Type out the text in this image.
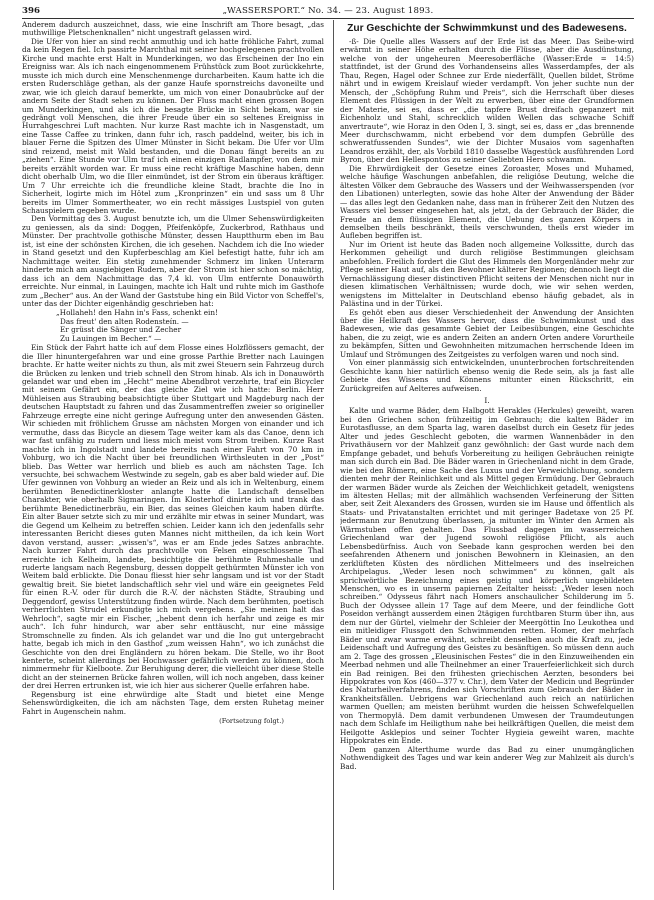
396	„WASSERSPORT.“ No. 34. — 23. August 1893.

Anderem dadurch auszeichnet, dass, wie eine Inschrift am Thore besagt, „das muthwillige Pletschenknallen“ nicht ungestraft gelassen wird.

Die Ufer von hier an sind recht anmuthig und ich hatte fröhliche Fahrt, zumal da kein Regen fiel. Ich passirte Marchthal mit seiner hochgelegenen prachtvollen Kirche und machte erst Halt in Munderkingen, wo das Erscheinen der Ino ein Ereigniss war. Als ich nach eingenommenem Frühstück zum Boot zurückkehrte, musste ich mich durch eine Menschenmenge durcharbeiten. Kaum hatte ich die ersten Ruderschläge gethan, als der ganze Haufe spornstreichs davoneilte und zwar, wie ich gleich darauf bemerkte, um mich von einer Donaubrücke auf der andern Seite der Stadt sehen zu können. Der Fluss macht einen grossen Bogen um Munderkingen, und als ich die besagte Brücke in Sicht bekam, war sie gedrängt voll Menschen, die ihrer Freude über ein so seltenes Ereigniss in Hurrahgeschrei Luft machten. Nur kurze Rast machte ich in Nasgenstadt, um eine Tasse Caffee zu trinken, dann fuhr ich, rasch paddelnd, weiter, bis ich in blauer Ferne die Spitzen des Ulmer Münster in Sicht bekam. Die Ufer vor Ulm sind reizend, meist mit Wald bestanden, und die Donau fängt bereits an zu „ziehen“. Eine Stunde vor Ulm traf ich einen einzigen Radlampfer, von dem mir bereits erzählt worden war. Er muss eine recht kräftige Maschine haben, denn dicht oberhalb Ulm, wo die Iller einmündet, ist der Strom ein überaus kräftiger. Um 7 Uhr erreichte ich die freundliche kleine Stadt, brachte die Ino in Sicherheit, logirte mich im Hôtel zum „Kronprinzen“ ein und sass um 8 Uhr bereits im Ulmer Sommertheater, wo ein recht mässiges Lustspiel von guten Schauspielern gegeben wurde.

Den Vormittag des 3. August benutzte ich, um die Ulmer Sehenswürdigkeiten zu geniessen, als da sind: Doggen, Pfeifenköpfe, Zuckerbrod, Rathhaus und Münster. Der prachtvolle gothische Münster, dessen Hauptthurm eben im Bau ist, ist eine der schönsten Kirchen, die ich gesehen. Nachdem ich die Ino wieder in Stand gesetzt und den Kupferbeschlag am Kiel befestigt hatte, fuhr ich am Nachmittage weiter. Ein stetig zunehmender Schmerz im linken Unterarm hinderte mich am ausgiebigen Rudern, aber der Strom ist hier schon so mächtig, dass ich an dem Nachmittage das 7,4 kl. von Ulm entfernte Donauwörth erreichte. Nur einmal, in Lauingen, machte ich Halt und ruhte mich im Gasthofe zum „Becher“ aus. An der Wand der Gaststube hing ein Bild Victor von Scheffel's, unter das der Dichter eigenhändig geschrieben hat:

„Hollaheh! den Hahn in's Fass, schenkt ein!
Das freut' den alten Rodensteín. —
Er grüsst die Sänger und Zecher
Zu Lauingen im Becher.“ —

Ein Stück der Fahrt hatte ich auf dem Flosse eines Holzflössers gemacht, der die Iller hinuntergefahren war und eine grosse Parthie Bretter nach Lauingen brachte. Er hatte weiter nichts zu thun, als mit zwei Steuern sein Fahrzeug durch die Brücken zu lenken und trieb schnell den Strom hinab. Als ich in Donauwörth gelandet war und eben im „Hecht“ meine Abendbrot verzehrte, traf ein Bicycler mit seinem Gefährt ein, der das gleiche Ziel wie ich hatte: Berlin. Herr Mühleisen aus Straubing beabsichtigte über Stuttgart und Magdeburg nach der deutschen Hauptstadt zu fahren und das Zusammentreffen zweier so origineller Fahrzeuge erregte eine nicht geringe Aufregung unter den anwesenden Gästen. Wir schieden mit fröhlichem Grusse am nächsten Morgen von einander und ich vermuthe, dass das Bicycle an diesem Tage weiter kam als das Canoe, denn ich war fast unfähig zu rudern und liess mich meist vom Strom treiben. Kurze Rast machte ich in Ingolstadt und landete bereits nach einer Fahrt von 70 km in Vohburg, wo ich die Nacht über bei freundlichen Wirthsleuten in der „Post“ blieb. Das Wetter war herrlich und blieb es auch am nächsten Tage. Ich versuchte, bei schwachem Westwinde zu segeln, gab es aber bald wieder auf. Die Ufer gewinnen von Vohburg an wieder an Reiz und als ich in Weltenburg, einem berühmten Benedictinerkloster anlangte hatte die Landschaft denselben Charakter, wie oberhalb Sigmaringen. Im Klosterhof dinirte ich und trank das berühmte Benedictinerbräu, ein Bier, das seines Gleichen kaum haben dürfte. Ein alter Bauer setzte sich zu mir und erzählte mir etwas in seiner Mundart, was die Gegend um Kelheim zu betreffen schien. Leider kann ich den jedenfalls sehr interessanten Bericht dieses guten Mannes nicht mittheilen, da ich kein Wort davon verstand, ausser: „wissen's“, was er am Ende jedes Satzes anbrachte. Nach kurzer Fahrt durch das prachtvolle von Felsen eingeschlossene Thal erreichte ich Kelheim, landete, besichtigte die berühmte Ruhmeshalle und ruderte langsam nach Regensburg, dessen doppelt gethürmten Münster ich von Weitem bald erblickte. Die Donau fliesst hier sehr langsam und ist vor der Stadt gewaltig breit. Sie bietet landschaftlich sehr viel und wäre ein geeignetes Feld für einen R.-V. oder für durch die R.-V. der nächsten Städte, Straubing und Deggendorf, gewiss Unterstützung finden würde. Nach dem berühmten, poetisch verherrlichten Strudel erkundigte ich mich vergebens. „Sie meinen halt das Wehrloch“, sagte mir ein Fischer, „hebent denn ich herfahr und zeige es mir auch“. Ich fuhr hindurch, war aber sehr enttäuscht, nur eine mässige Stromschnelle zu finden. Als ich gelandet war und die Ino gut untergebracht hatte, begab ich mich in den Gasthof „zum weissen Hahn“, wo ich zunächst die Geschichte von den drei Engländern zu hören bekam. Die Stelle, wo ihr Boot kenterte, scheint allerdings bei Hochwasser gefährlich werden zu können, doch nimmermehr für Kielboote. Zur Beruhigung derer, die vielleicht über diese Stelle dicht an der steinernen Brücke fahren wollen, will ich noch angeben, dass keiner der drei Herren ertrunken ist, wie ich hier aus sicherer Quelle erfahren habe.

Regensburg ist eine ehrwürdige alte Stadt und bietet eine Menge Sehenswürdigkeiten, die ich am nächsten Tage, dem ersten Ruhetag meiner Fahrt in Augenschein nahm.

(Fortsetzung folgt.)
Zur Geschichte der Schwimmkunst und des Badewesens.

-ß- Die Quelle alles Wassers auf der Erde ist das Meer. Das Seibe-wird erwärmt in seiner Höhe erhalten durch die Flüsse, aber die Ausdünstung, welche von der ungeheuren Meeresoberfläche (Wasser:Erde = 14:5) stattfindet, ist der Grund des Vorhandenseins alles Wasserdampfes, der als Thau, Regen, Hagel oder Schnee zur Erde niederfällt, Quellen bildet, Ströme nährt und in ewigem Kreislauf wieder verdampft. Von jeher suchte nun der Mensch, der „Schöpfung Ruhm und Preis“, sich die Herrschaft über dieses Element des Flüssigen in der Welt zu erwerben, über eine der Grundformen der Materie, sei es, dass er „die tapfere Brust dreifach gepanzert mit Eichenholz und Stahl, schrecklich wilden Wellen das schwache Schiff anvertraute“, wie Horaz in den Oden I, 3. singt, sei es, dass er „das brennende Meer durchschwamm, nicht erbebend vor dem dumpfen Gebrülle des schweratfussenden Sundes“, wie der Dichter Musaios vom sagenhaften Leandros erzählt, der, als Vorbild 1810 dasselbe Wagestück ausführenden Lord Byron, über den Hellespontos zu seiner Geliebten Hero schwamm.

Die Ehrwürdigkeit der Gesetze eines Zoroaster, Moses und Muhamed, welche häufige Waschungen anbefahlen, die religiöse Deutung, welche die ältesten Völker dem Gebrauche des Wassers und der Weihwasserspenden (vor den Libationen) unterlegten, sowie das hohe Alter der Anwendung der Bäder — das alles legt den Gedanken nahe, dass man in früherer Zeit den Nutzen des Wassers viel besser eingesehen hat, als jetzt, da der Gebrauch der Bäder, die Freude an dem flüssigen Element, die Uebung des ganzen Körpers in demselben theils beschränkt, theils verschwunden, theils erst wieder im Aufleben begriffen ist.

Nur im Orient ist heute das Baden noch allgemeine Volkssitte, durch das Herkommen geheiligt und durch religiöse Bestimmungen gleichsam anbefohlen. Freilich fordert die Glut des Himmels den Morgenländer mehr zur Pflege seiner Haut auf, als den Bewohner kälterer Regionen; dennoch liegt die Vernachlässigung dieser distinctiven Pflicht seitens der Menschen nicht nur in diesen klimatischen Verhältnissen; wurde doch, wie wir sehen werden, wenigstens im Mittelalter in Deutschland ebenso häufig gebadet, als in Palästina und in der Türkei.

Es gehöt eben aus dieser Verschiedenheit der Anwendung der Ansichten über die Heilkraft des Wassers hervor, dass die Schwimmkunst und das Badewesen, wie das gesammte Gebiet der Leibesübungen, eine Geschichte haben, die zu zeigt, wie es andern Zeiten an andern Orten andere Vorurtheile zu bekämpfen, Sitten und Gewohnheiten mitzumachen herrschende Ideen im Umlauf und Strömungen des Zeitgeistes zu verfolgen waren und noch sind.

Von einer planmässig sich entwickelnden, ununterbrochen fortschreitenden Geschichte kann hier natürlich ebenso wenig die Rede sein, als ja fast alle Gebiete des Wissens und Könnens mitunter einen Rückschritt, ein Zurückgreifen auf Aelteres aufweisen.

I.

Kalte und warme Bäder, dem Halbgott Herakles (Herkules) geweiht, waren bei den Griechen schon frühzeitig im Gebrauch; die kalten Bäder im Eurotasflusse, an dem Sparta lag, waren daselbst durch ein Gesetz für jedes Alter und jedes Geschlecht geboten, die warmen Wannenbäder in den Privathäusern vor der Mahlzeit ganz gewöhnlich: der Gast wurde nach dem Empfange gebadet, und behufs Vorbereitung zu heiligen Gebräuchen reinigte man sich durch ein Bad. Die Bäder waren in Griechenland nicht in dem Grade, wie bei den Römern, eine Sache des Luxus und der Verweichlichung, sondern dienten mehr der Reinlichkeit und als Mittel gegen Ermüdung. Der Gebrauch der warmen Bäder wurde als Zeichen der Weichlichkeit getadelt, wenigstens im ältesten Hellas; mit der allmählich wachsenden Verfeinerung der Sitten aber, seit Zeit Alexanders des Grossen, wurden sie im Hause und öffentlich als Staats- und Privatanstalten errichtet und mit geringer Badetaxe von 25 Pf. jedermann zur Benutzung überlassen, ja mitunter im Winter den Armen als Wärmstuben offen gehalten. Das Flussbad dagegen im wasserreichen Griechenland war der Jugend sowohl religiöse Pflicht, als auch Lebensbedürfniss. Auch von Seebade kann gesprochen werden bei den seefahrenden Athenern und jonischen Bewohnern in Kleinasien, an den zerklüfteten Küsten des nördlichen Mittelmeers und des inselreichen Archipelagus. „Weder lesen noch schwimmen“ zu können, galt als sprichwörtliche Bezeichnung eines geistig und körperlich ungebildeten Menschen, wo es in unserm papiernen Zeitalter heisst: „Weder lesen noch schreiben.“ Odysseus fährt nach Homers anschaulicher Schilderung im 5. Buch der Odyssee allein 17 Tage auf dem Meere, und der feindliche Gott Poseidon verhängt ausserdem einen 2tägigen furchtbaren Sturm über ihn, aus dem nur der Gürtel, vielmehr der Schleier der Meergöttin Ino Leukothea und ein mitleidiger Flussgott den Schwimmenden retten. Homer, der mehrfach Bäder und zwar warme erwähnt, schreibt denselben auch die Kraft zu, jede Leidenschaft und Aufregung des Geistes zu besänftigen. So müssen denn auch am 2. Tage des grossen „Eleusinischen Festes“ die in den Einzuweihenden ein Meerbad nehmen und alle Theilnehmer an einer Trauerfeierlichkeit sich durch ein Bad reinigen. Bei den frühesten griechischen Aerzten, besonders bei Hippokrates von Kos (460—377 v. Chr.), dem Vater der Medicin und Begründer des Naturheilverfahrens, finden sich Vorschriften zum Gebrauch der Bäder in Krankheitsfällen. Uebrigens war Griechenland auch reich an natürlichen warmen Quellen; am meisten berühmt wurden die heissen Schwefelquellen von Thermopylä. Dem damit verbundenen Umwesen der Traumdeutungen nach dem Schlafe im Heiligthum nahe bei heilkräftigen Quellen, die meist dem Heilgotte Asklepios und seiner Tochter Hygieia geweiht waren, machte Hippokrates ein Ende.

Dem ganzen Alterthume wurde das Bad zu einer unumgänglichen Nothwendigkeit des Tages und war kein anderer Weg zur Mahlzeit als durch's Bad.
